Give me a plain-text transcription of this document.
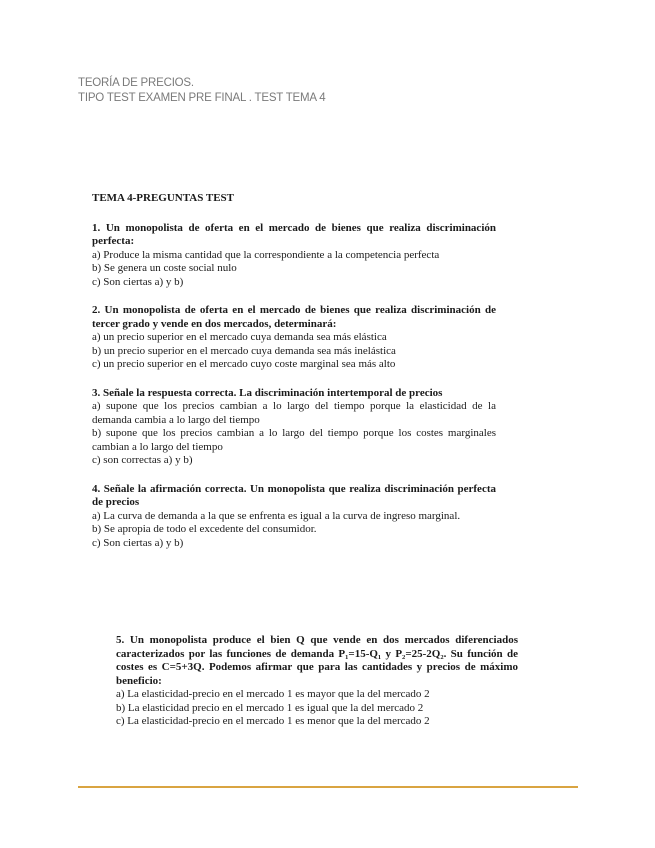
TEORÍA DE PRECIOS.
TIPO TEST EXAMEN PRE FINAL . TEST TEMA 4
TEMA 4-PREGUNTAS TEST
1. Un monopolista de oferta en el mercado de bienes que realiza discriminación perfecta:
a) Produce la misma cantidad que la correspondiente a la competencia perfecta
b) Se genera un coste social nulo
c) Son ciertas a) y b)
2. Un monopolista de oferta en el mercado de bienes que realiza discriminación de tercer grado y vende en dos mercados, determinará:
a) un precio superior en el mercado cuya demanda sea más elástica
b) un precio superior en el mercado cuya demanda sea más inelástica
c) un precio superior en el mercado cuyo coste marginal sea más alto
3. Señale la respuesta correcta. La discriminación intertemporal de precios
a) supone que los precios cambian a lo largo del tiempo porque la elasticidad de la demanda cambia a lo largo del tiempo
b) supone que los precios cambian a lo largo del tiempo porque los costes marginales cambian a lo largo del tiempo
c) son correctas a) y b)
4. Señale la afirmación correcta. Un monopolista que realiza discriminación perfecta de precios
a) La curva de demanda a la que se enfrenta es igual a la curva de ingreso marginal.
b) Se apropia de todo el excedente del consumidor.
c) Son ciertas a) y b)
5. Un monopolista produce el bien Q que vende en dos mercados diferenciados caracterizados por las funciones de demanda P₁=15-Q₁ y P₂=25-2Q₂. Su función de costes es C=5+3Q. Podemos afirmar que para las cantidades y precios de máximo beneficio:
a) La elasticidad-precio en el mercado 1 es mayor que la del mercado 2
b) La elasticidad precio en el mercado 1 es igual que la del mercado 2
c) La elasticidad-precio en el mercado 1 es menor que la del mercado 2
